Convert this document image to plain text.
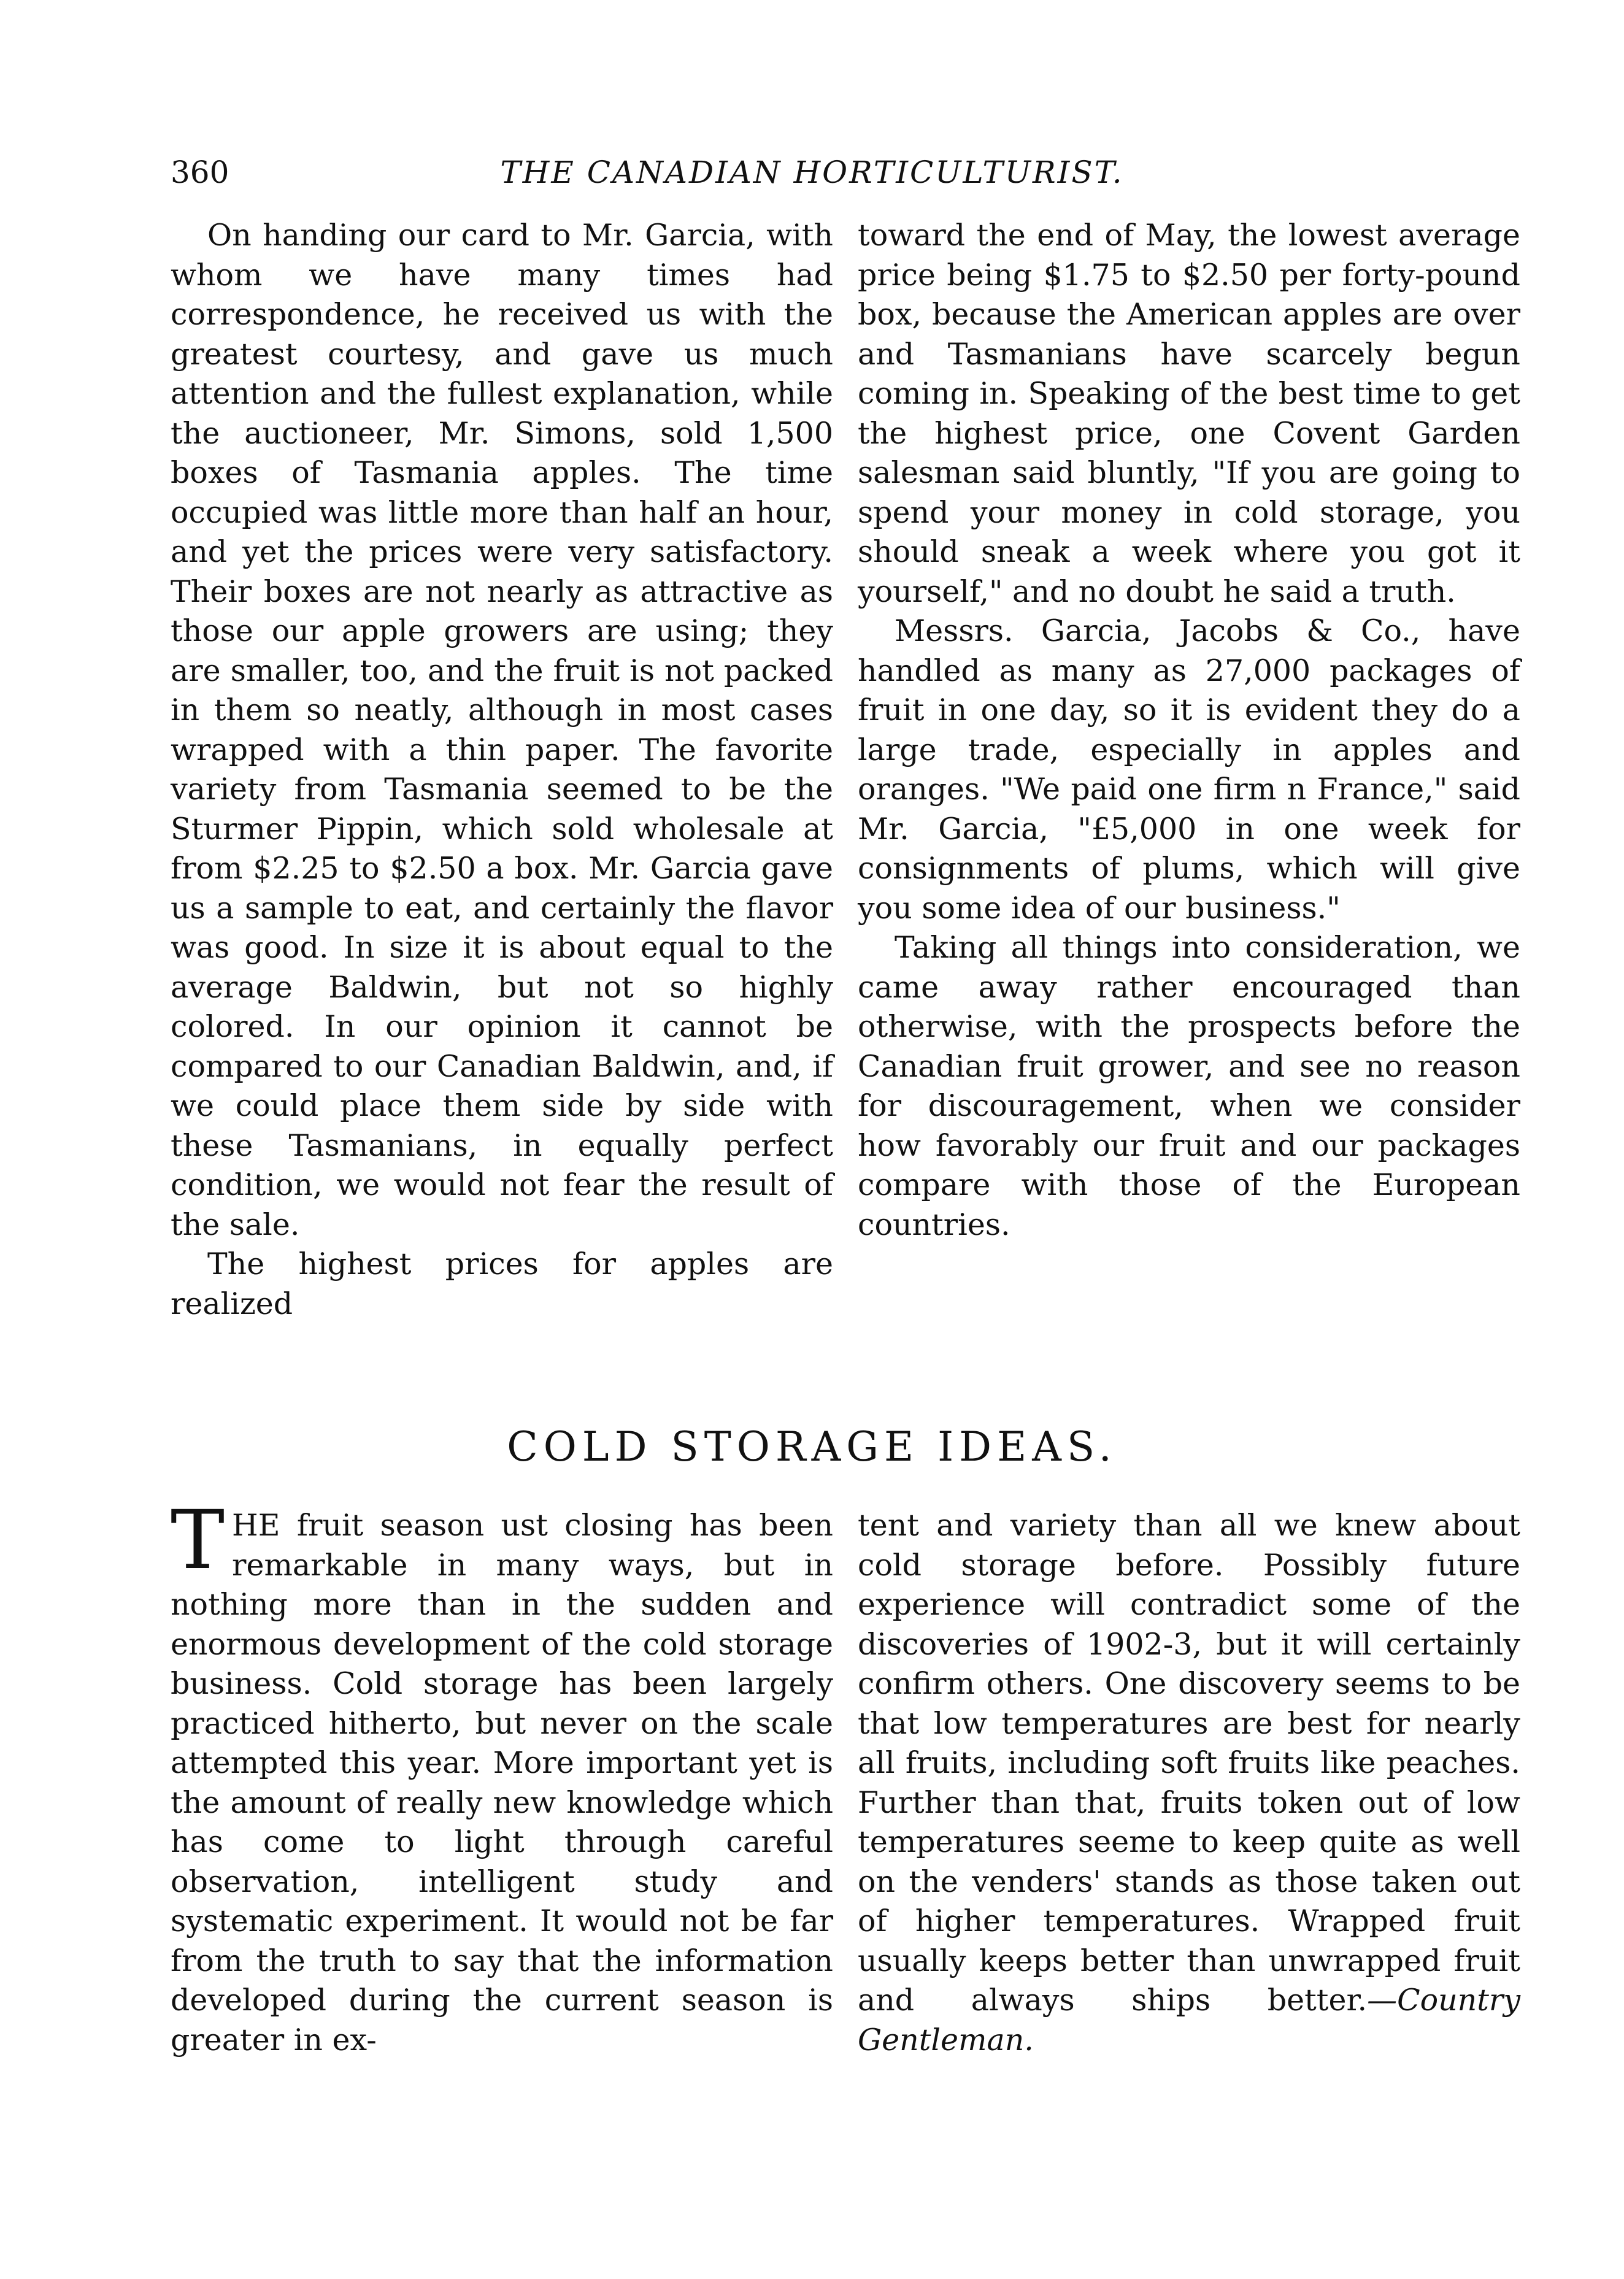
360	THE CANADIAN HORTICULTURIST.

On handing our card to Mr. Garcia, with whom we have many times had correspondence, he received us with the greatest courtesy, and gave us much attention and the fullest explanation, while the auctioneer, Mr. Simons, sold 1,500 boxes of Tasmania apples. The time occupied was little more than half an hour, and yet the prices were very satisfactory. Their boxes are not nearly as attractive as those our apple growers are using; they are smaller, too, and the fruit is not packed in them so neatly, although in most cases wrapped with a thin paper. The favorite variety from Tasmania seemed to be the Sturmer Pippin, which sold wholesale at from $2.25 to $2.50 a box. Mr. Garcia gave us a sample to eat, and certainly the flavor was good. In size it is about equal to the average Baldwin, but not so highly colored. In our opinion it cannot be compared to our Canadian Baldwin, and, if we could place them side by side with these Tasmanians, in equally perfect condition, we would not fear the result of the sale.

The highest prices for apples are realized

toward the end of May, the lowest average price being $1.75 to $2.50 per forty-pound box, because the American apples are over and Tasmanians have scarcely begun coming in. Speaking of the best time to get the highest price, one Covent Garden salesman said bluntly, "If you are going to spend your money in cold storage, you should sneak a week where you got it yourself," and no doubt he said a truth.

Messrs. Garcia, Jacobs & Co., have handled as many as 27,000 packages of fruit in one day, so it is evident they do a large trade, especially in apples and oranges. "We paid one firm n France," said Mr. Garcia, "£5,000 in one week for consignments of plums, which will give you some idea of our business."

Taking all things into consideration, we came away rather encouraged than otherwise, with the prospects before the Canadian fruit grower, and see no reason for discouragement, when we consider how favorably our fruit and our packages compare with those of the European countries.

COLD STORAGE IDEAS.

THE fruit season ust closing has been remarkable in many ways, but in nothing more than in the sudden and enormous development of the cold storage business. Cold storage has been largely practiced hitherto, but never on the scale attempted this year. More important yet is the amount of really new knowledge which has come to light through careful observation, intelligent study and systematic experiment. It would not be far from the truth to say that the information developed during the current season is greater in ex-

tent and variety than all we knew about cold storage before. Possibly future experience will contradict some of the discoveries of 1902-3, but it will certainly confirm others. One discovery seems to be that low temperatures are best for nearly all fruits, including soft fruits like peaches. Further than that, fruits token out of low temperatures seeme to keep quite as well on the venders' stands as those taken out of higher temperatures. Wrapped fruit usually keeps better than unwrapped fruit and always ships better.—Country Gentleman.
